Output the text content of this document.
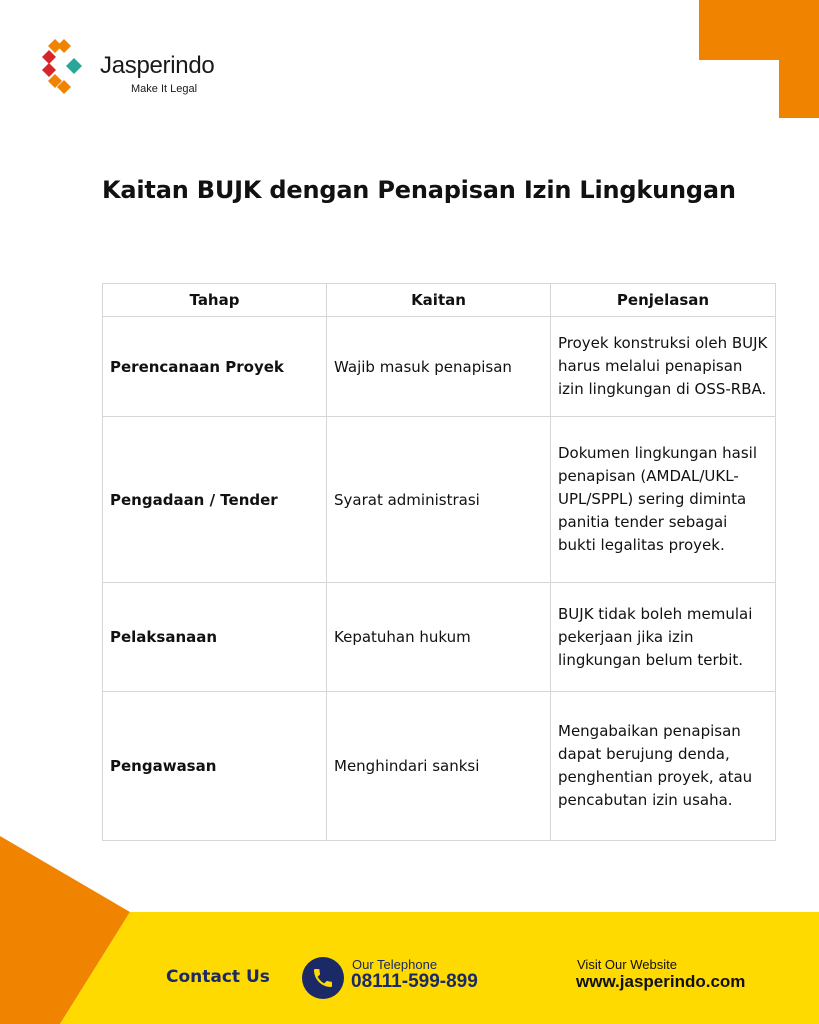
Jasperindo
Make It Legal
Kaitan BUJK dengan Penapisan Izin Lingkungan
Tahap	Kaitan	Penjelasan
Perencanaan Proyek	Wajib masuk penapisan	Proyek konstruksi oleh BUJK harus melalui penapisan izin lingkungan di OSS-RBA.
Pengadaan / Tender	Syarat administrasi	Dokumen lingkungan hasil penapisan (AMDAL/UKL-UPL/SPPL) sering diminta panitia tender sebagai bukti legalitas proyek.
Pelaksanaan	Kepatuhan hukum	BUJK tidak boleh memulai pekerjaan jika izin lingkungan belum terbit.
Pengawasan	Menghindari sanksi	Mengabaikan penapisan dapat berujung denda, penghentian proyek, atau pencabutan izin usaha.
Contact Us
Our Telephone
08111-599-899
Visit Our Website
www.jasperindo.com
